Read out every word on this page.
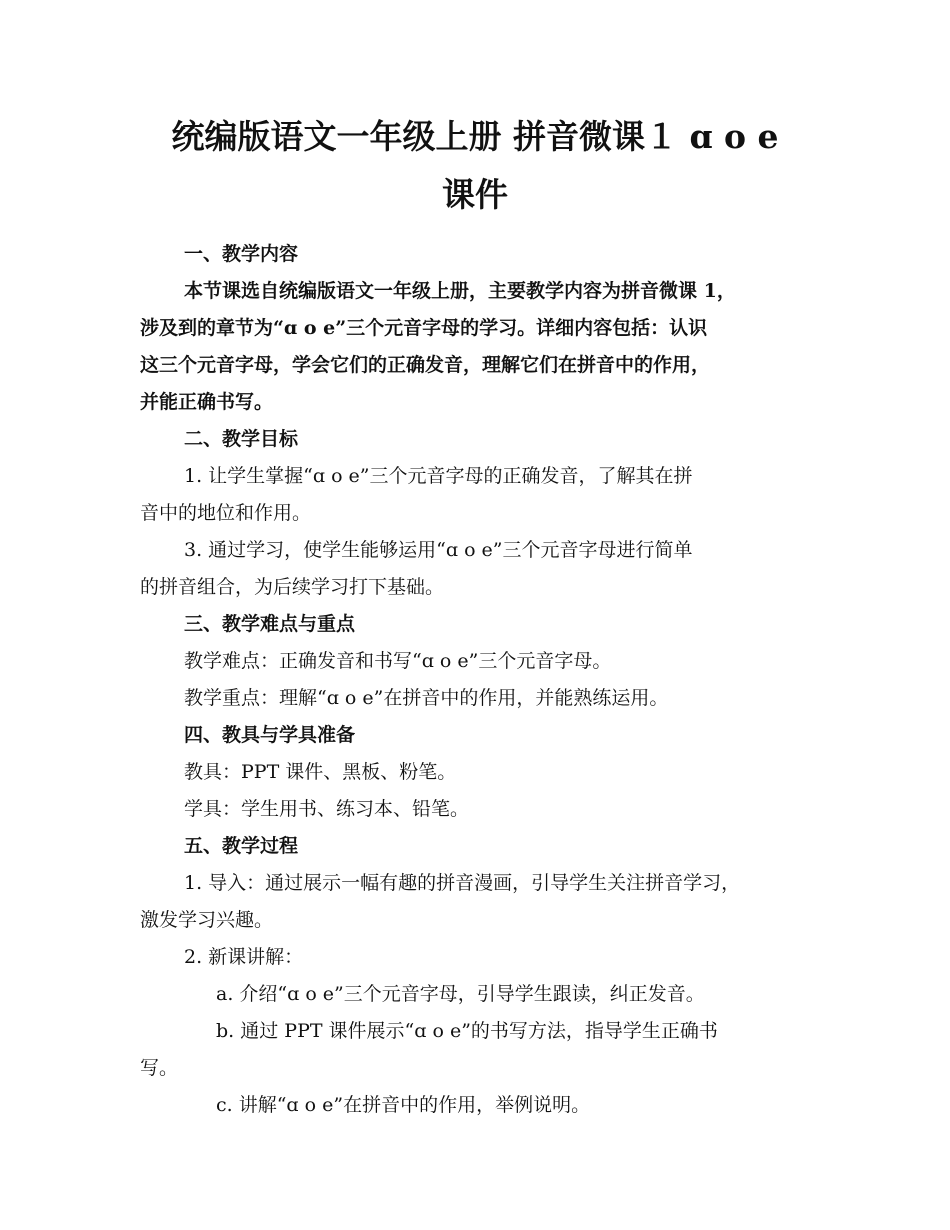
统编版语文一年级上册 拼音微课１ ɑ o e
课件

一、教学内容

本节课选自统编版语文一年级上册，主要教学内容为拼音微课 1，

涉及到的章节为“ɑ o e”三个元音字母的学习。详细内容包括：认识

这三个元音字母，学会它们的正确发音，理解它们在拼音中的作用，

并能正确书写。

二、教学目标

1. 让学生掌握“ɑ o e”三个元音字母的正确发音，了解其在拼

音中的地位和作用。

3. 通过学习，使学生能够运用“ɑ o e”三个元音字母进行简单

的拼音组合，为后续学习打下基础。

三、教学难点与重点

教学难点：正确发音和书写“ɑ o e”三个元音字母。

教学重点：理解“ɑ o e”在拼音中的作用，并能熟练运用。

四、教具与学具准备

教具：PPT 课件、黑板、粉笔。

学具：学生用书、练习本、铅笔。

五、教学过程

1. 导入：通过展示一幅有趣的拼音漫画，引导学生关注拼音学习，

激发学习兴趣。

2. 新课讲解：

a. 介绍“ɑ o e”三个元音字母，引导学生跟读，纠正发音。

b. 通过 PPT 课件展示“ɑ o e”的书写方法，指导学生正确书

写。

c. 讲解“ɑ o e”在拼音中的作用，举例说明。
